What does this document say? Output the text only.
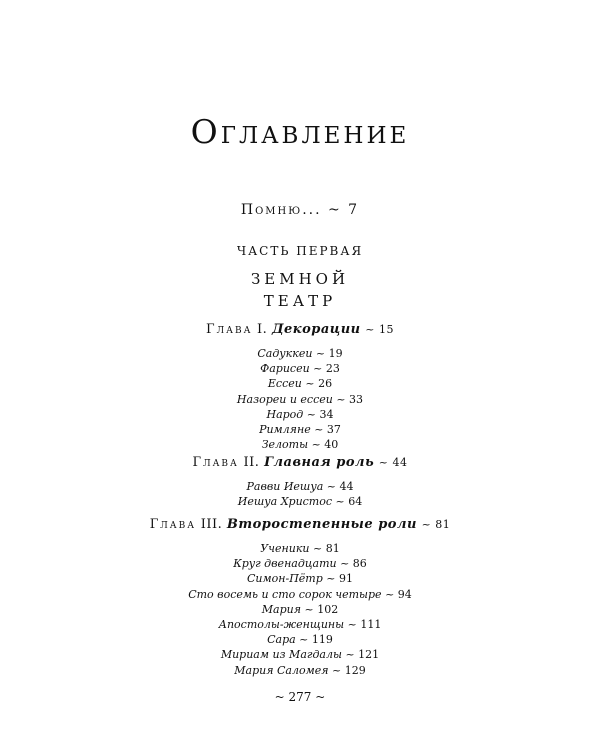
Оглавление
Помню... ~ 7
ЧАСТЬ ПЕРВАЯ
ЗЕМНОЙ
ТЕАТР
Глава I. Декорации ~ 15
Садуккеи ~ 19
Фарисеи ~ 23
Ессеи ~ 26
Назореи и ессеи ~ 33
Народ ~ 34
Римляне ~ 37
Зелоты ~ 40
Глава II. Главная роль ~ 44
Равви Иешуа ~ 44
Иешуа Христос ~ 64
Глава III. Второстепенные роли ~ 81
Ученики ~ 81
Круг двенадцати ~ 86
Симон-Пётр ~ 91
Сто восемь и сто сорок четыре ~ 94
Мария ~ 102
Апостолы-женщины ~ 111
Сара ~ 119
Мириам из Магдалы ~ 121
Мария Саломея ~ 129
~ 277 ~
